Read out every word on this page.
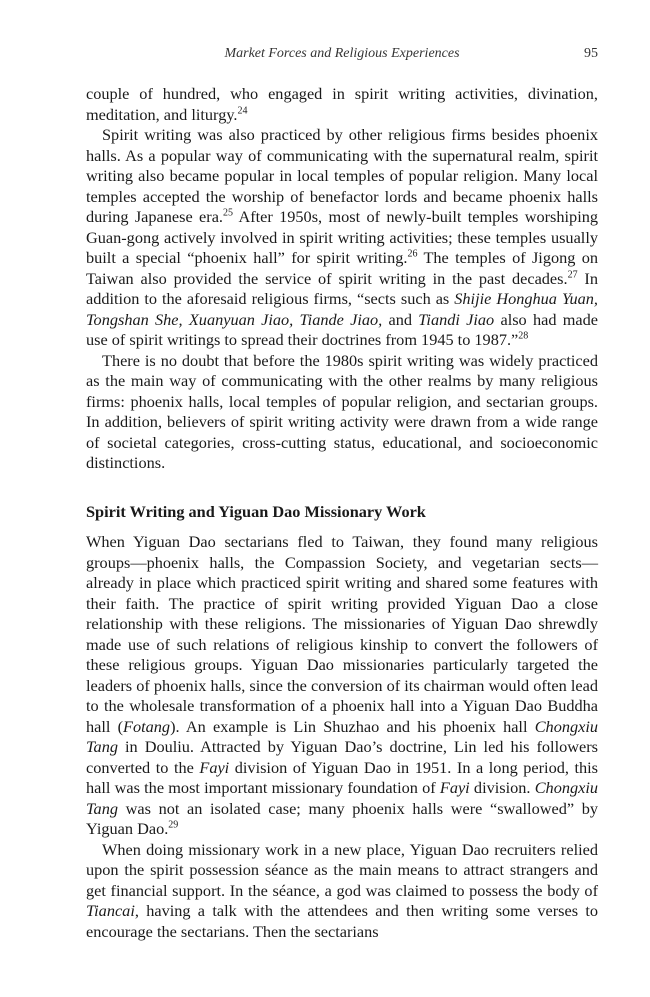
Market Forces and Religious Experiences	95

couple of hundred, who engaged in spirit writing activities, divination, meditation, and liturgy.$^{24}$

Spirit writing was also practiced by other religious firms besides phoenix halls. As a popular way of communicating with the supernatural realm, spirit writing also became popular in local temples of popular religion. Many local temples accepted the worship of benefactor lords and became phoenix halls during Japanese era.$^{25}$ After 1950s, most of newly-built temples worshiping Guan-gong actively involved in spirit writing activities; these temples usually built a special “phoenix hall” for spirit writing.$^{26}$ The temples of Jigong on Taiwan also provided the service of spirit writing in the past decades.$^{27}$ In addition to the aforesaid religious firms, “sects such as Shijie Honghua Yuan, Tongshan She, Xuanyuan Jiao, Tiande Jiao, and Tiandi Jiao also had made use of spirit writings to spread their doctrines from 1945 to 1987.”$^{28}$

There is no doubt that before the 1980s spirit writing was widely practiced as the main way of communicating with the other realms by many religious firms: phoenix halls, local temples of popular religion, and sectarian groups. In addition, believers of spirit writing activity were drawn from a wide range of societal categories, cross-cutting status, educational, and socioeconomic distinctions.

Spirit Writing and Yiguan Dao Missionary Work

When Yiguan Dao sectarians fled to Taiwan, they found many religious groups—phoenix halls, the Compassion Society, and vegetarian sects—already in place which practiced spirit writing and shared some features with their faith. The practice of spirit writing provided Yiguan Dao a close relationship with these religions. The missionaries of Yiguan Dao shrewdly made use of such relations of religious kinship to convert the followers of these religious groups. Yiguan Dao missionaries particularly targeted the leaders of phoenix halls, since the conversion of its chairman would often lead to the wholesale transformation of a phoenix hall into a Yiguan Dao Buddha hall (Fotang). An example is Lin Shuzhao and his phoenix hall Chongxiu Tang in Douliu. Attracted by Yiguan Dao’s doctrine, Lin led his followers converted to the Fayi division of Yiguan Dao in 1951. In a long period, this hall was the most important missionary foundation of Fayi division. Chongxiu Tang was not an isolated case; many phoenix halls were “swallowed” by Yiguan Dao.$^{29}$

When doing missionary work in a new place, Yiguan Dao recruiters relied upon the spirit possession séance as the main means to attract strangers and get financial support. In the séance, a god was claimed to possess the body of Tiancai, having a talk with the attendees and then writing some verses to encourage the sectarians. Then the sectarians
